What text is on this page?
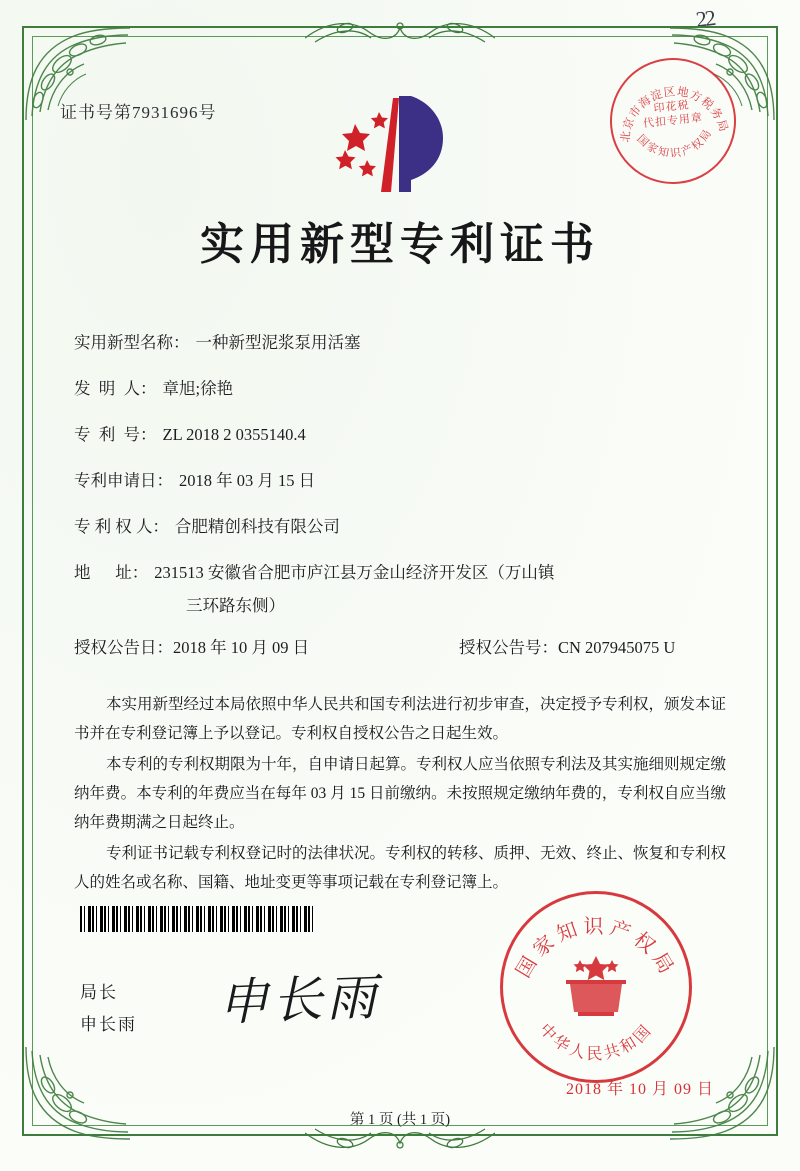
22
证书号第7931696号
北京市海淀区地方税务局
国家知识产权局
印花税
代扣专用章
实用新型专利证书
实用新型名称： 一种新型泥浆泵用活塞
发  明  人： 章旭;徐艳
专  利  号： ZL 2018 2 0355140.4
专利申请日： 2018 年 03 月 15 日
专 利 权 人： 合肥精创科技有限公司
地      址： 231513 安徽省合肥市庐江县万金山经济开发区（万山镇
三环路东侧）
授权公告日：2018 年 10 月 09 日	授权公告号：CN 207945075 U

本实用新型经过本局依照中华人民共和国专利法进行初步审查，决定授予专利权，颁发本证书并在专利登记簿上予以登记。专利权自授权公告之日起生效。

本专利的专利权期限为十年，自申请日起算。专利权人应当依照专利法及其实施细则规定缴纳年费。本专利的年费应当在每年 03 月 15 日前缴纳。未按照规定缴纳年费的，专利权自应当缴纳年费期满之日起终止。

专利证书记载专利权登记时的法律状况。专利权的转移、质押、无效、终止、恢复和专利权人的姓名或名称、国籍、地址变更等事项记载在专利登记簿上。

局长
申长雨 申长雨
国家知识产权局
中华人民共和国
2018 年 10 月 09 日
第 1 页 (共 1 页)
